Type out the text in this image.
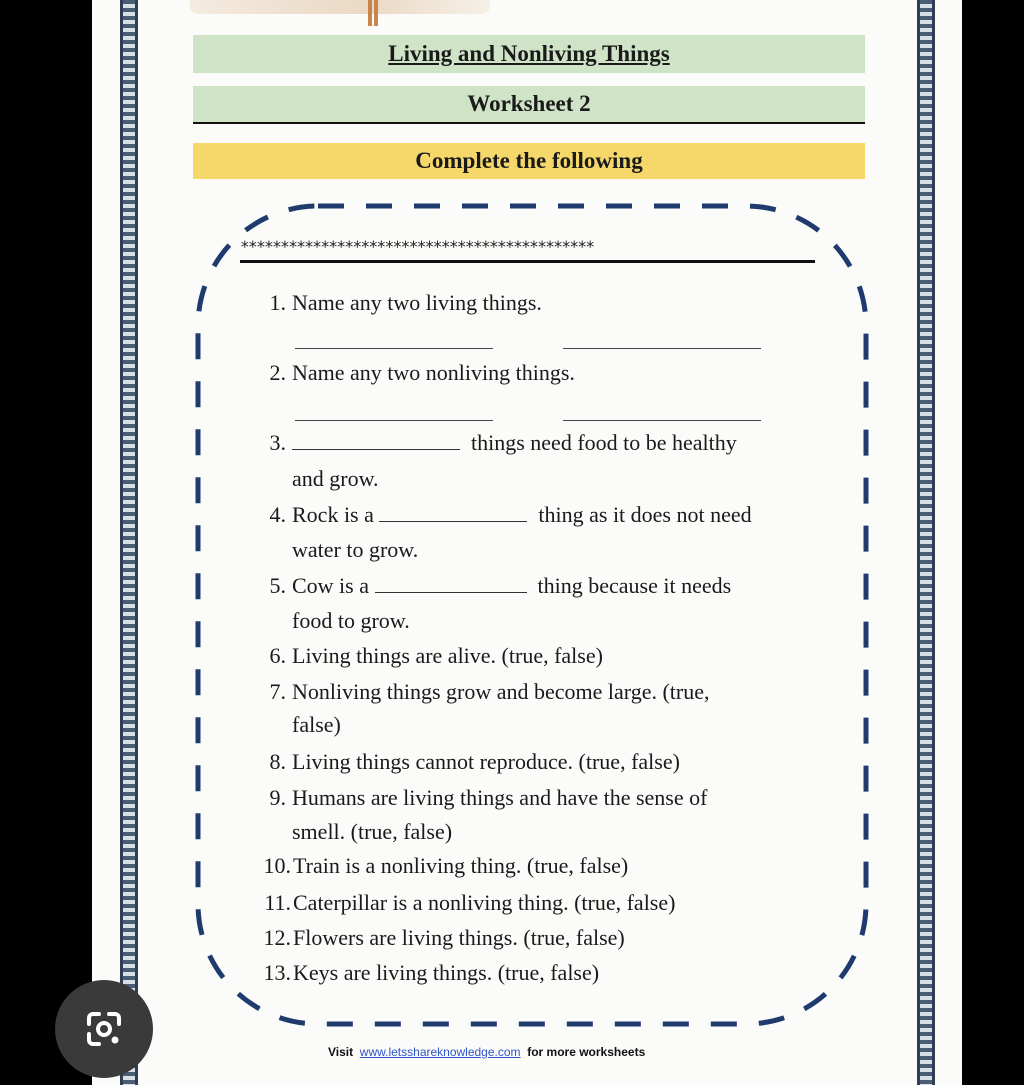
Living and Nonliving Things
Worksheet 2
Complete the following
********************************************
1. Name any two living things.
2. Name any two nonliving things.
3.	things need food to be healthy
and grow.
4. Rock is a	thing as it does not need
water to grow.
5. Cow is a	thing because it needs
food to grow.
6. Living things are alive. (true, false)
7. Nonliving things grow and become large. (true,
false)
8. Living things cannot reproduce. (true, false)
9. Humans are living things and have the sense of
smell. (true, false)
10.Train is a nonliving thing. (true, false)
11.Caterpillar is a nonliving thing. (true, false)
12.Flowers are living things. (true, false)
13.Keys are living things. (true, false)
Visit www.letsshareknowledge.com for more worksheets
